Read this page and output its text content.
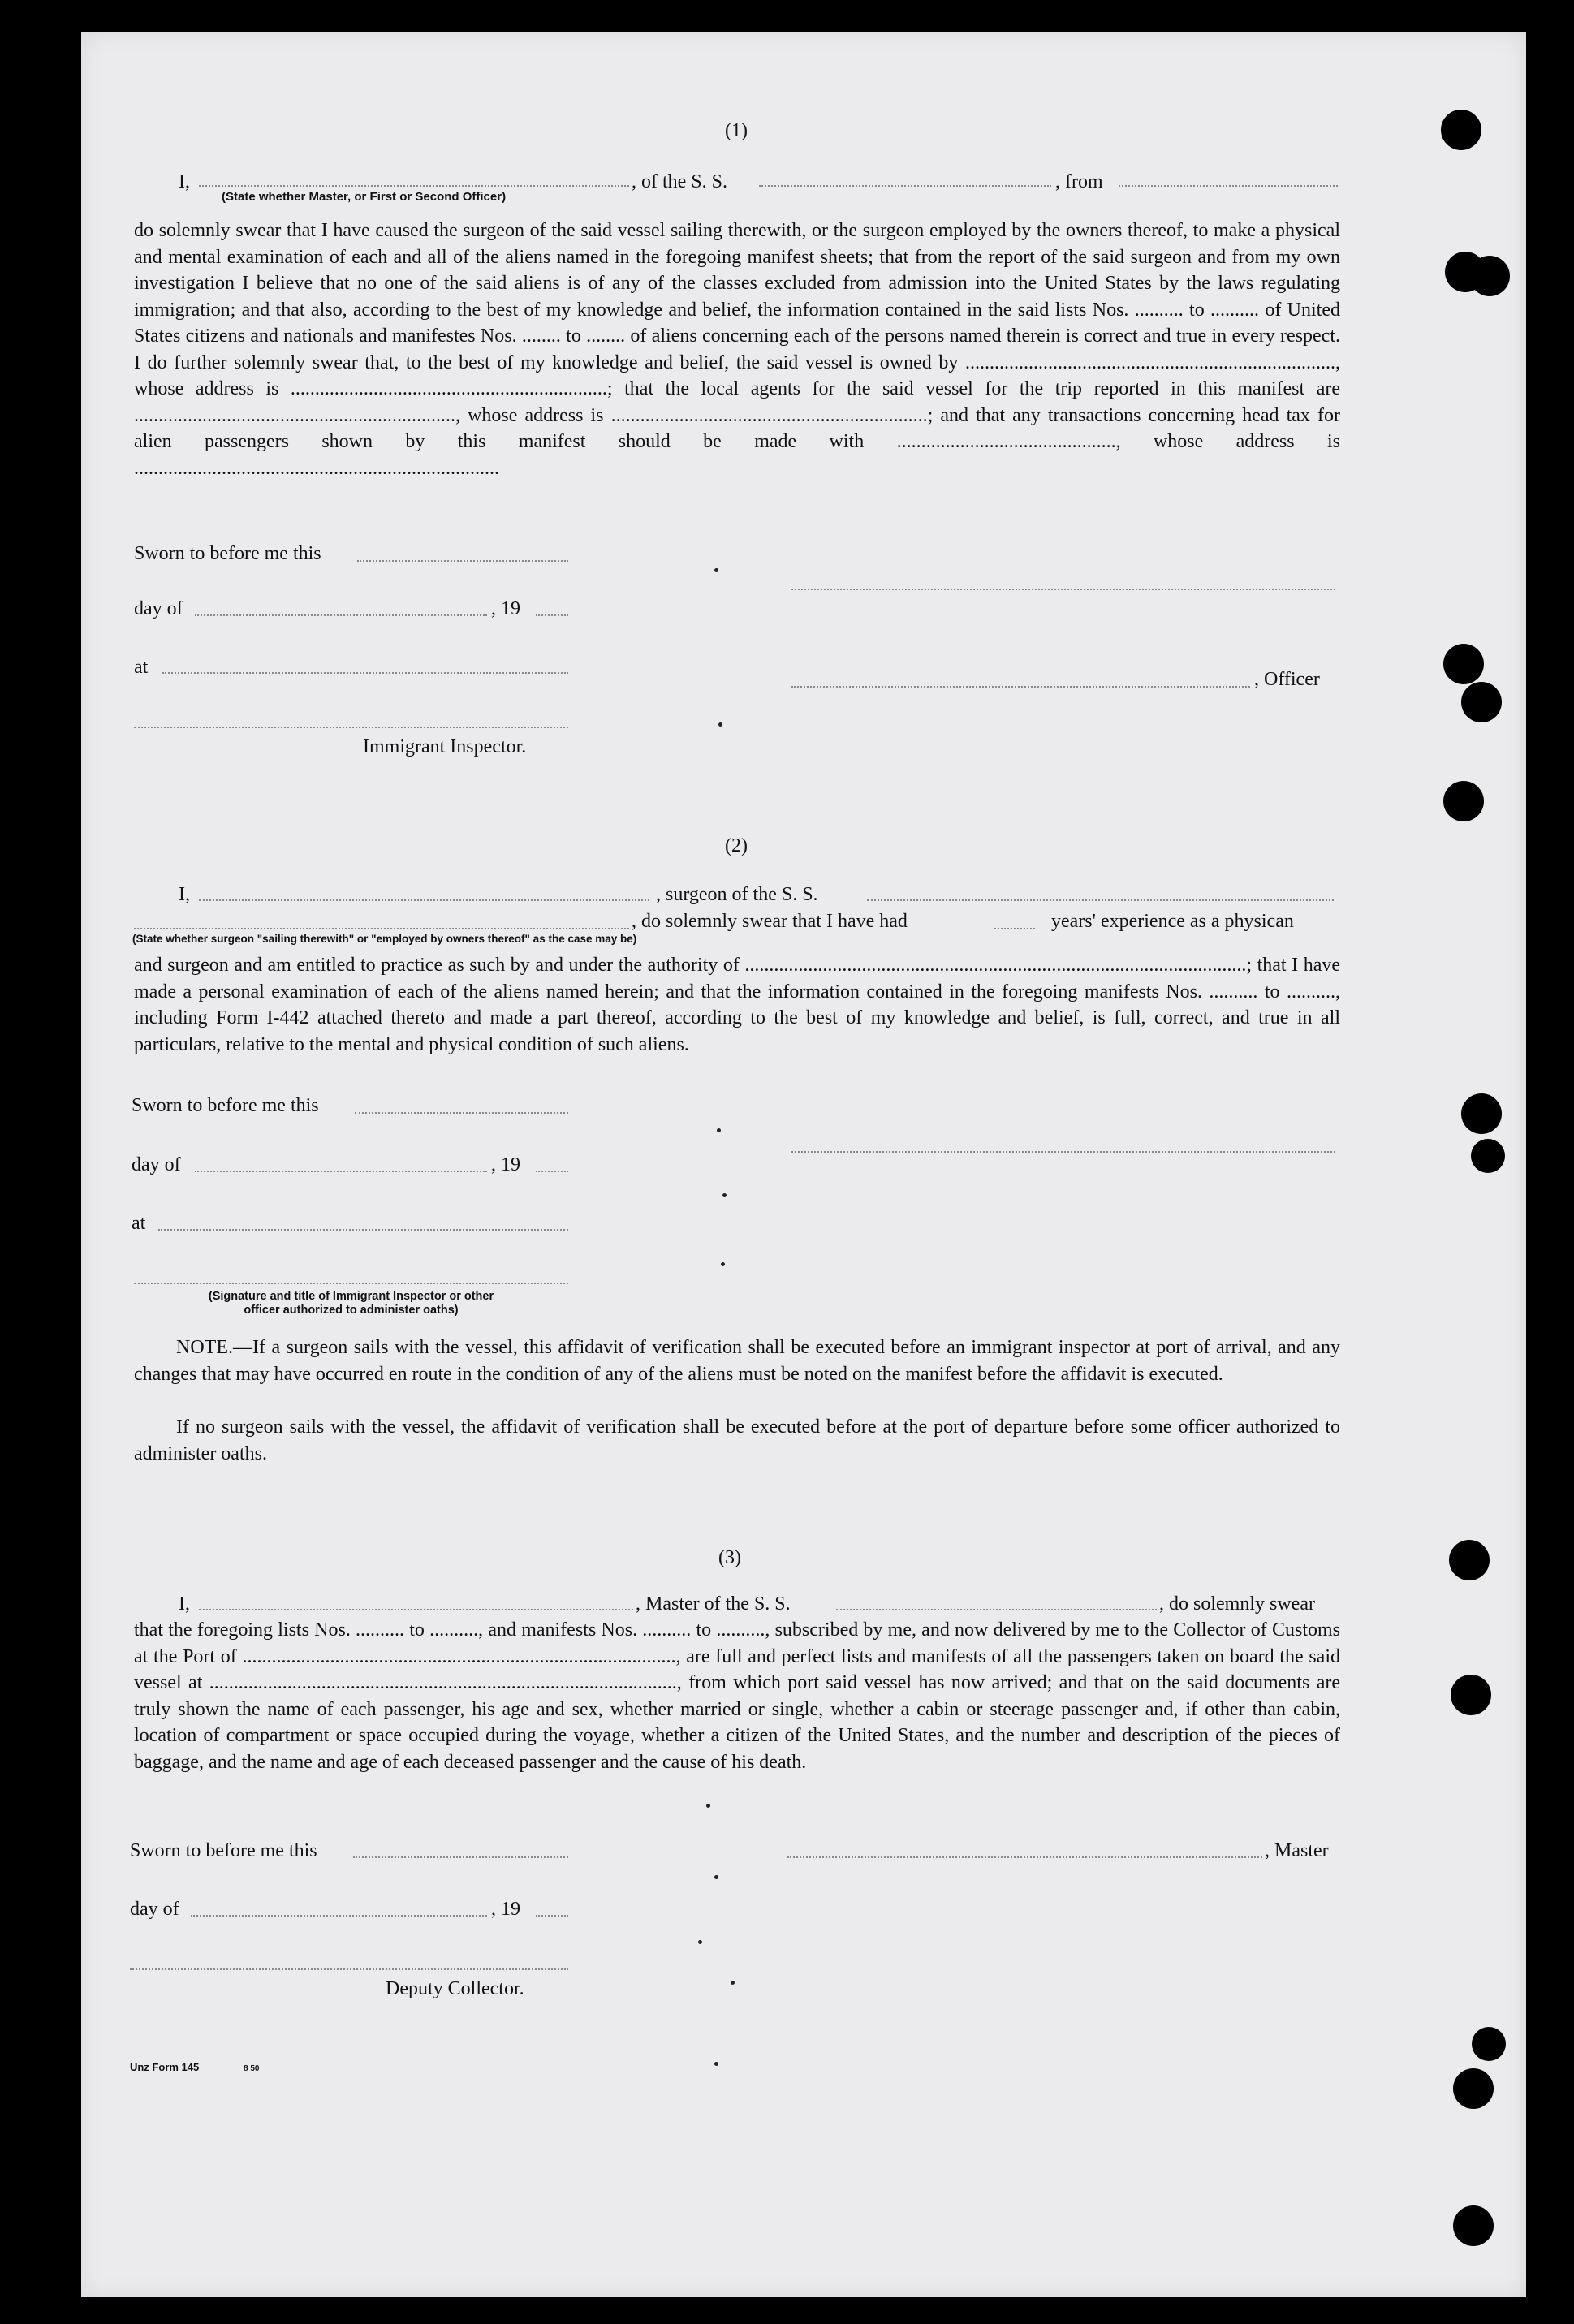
(1)
I,	, of the S. S.	, from
(State whether Master, or First or Second Officer)
do solemnly swear that I have caused the surgeon of the said vessel sailing therewith, or the surgeon employed by the owners thereof, to make a physical and mental examination of each and all of the aliens named in the foregoing manifest sheets; that from the report of the said surgeon and from my own investigation I believe that no one of the said aliens is of any of the classes excluded from admission into the United States by the laws regulating immigration; and that also, according to the best of my knowledge and belief, the information contained in the said lists Nos. .......... to .......... of United States citizens and nationals and manifestes Nos. ........ to ........ of aliens concerning each of the persons named therein is correct and true in every respect. I do further solemnly swear that, to the best of my knowledge and belief, the said vessel is owned by ............................................................................, whose address is .................................................................; that the local agents for the said vessel for the trip reported in this manifest are .................................................................., whose address is .................................................................; and that any transactions concerning head tax for alien passengers shown by this manifest should be made with ............................................., whose address is ...........................................................................
Sworn to before me this
day of	, 19
at
, Officer
Immigrant Inspector.
(2)
I,	, surgeon of the S. S.
, do solemnly swear that I have had	years' experience as a physican
(State whether surgeon "sailing therewith" or "employed by owners thereof" as the case may be)
and surgeon and am entitled to practice as such by and under the authority of .......................................................................................................; that I have made a personal examination of each of the aliens named herein; and that the information contained in the foregoing manifests Nos. .......... to .........., including Form I-442 attached thereto and made a part thereof, according to the best of my knowledge and belief, is full, correct, and true in all particulars, relative to the mental and physical condition of such aliens.
Sworn to before me this
day of	, 19
at
(Signature and title of Immigrant Inspector or other
officer authorized to administer oaths)
NOTE.—If a surgeon sails with the vessel, this affidavit of verification shall be executed before an immigrant inspector at port of arrival, and any changes that may have occurred en route in the condition of any of the aliens must be noted on the manifest before the affidavit is executed.
If no surgeon sails with the vessel, the affidavit of verification shall be executed before at the port of departure before some officer authorized to administer oaths.
(3)
I,	, Master of the S. S.	, do solemnly swear
that the foregoing lists Nos. .......... to .........., and manifests Nos. .......... to .........., subscribed by me, and now delivered by me to the Collector of Customs at the Port of ........................................................................................., are full and perfect lists and manifests of all the passengers taken on board the said vessel at ................................................................................................, from which port said vessel has now arrived; and that on the said documents are truly shown the name of each passenger, his age and sex, whether married or single, whether a cabin or steerage passenger and, if other than cabin, location of compartment or space occupied during the voyage, whether a citizen of the United States, and the number and description of the pieces of baggage, and the name and age of each deceased passenger and the cause of his death.
Sworn to before me this	, Master
day of	, 19
Deputy Collector.
Unz Form 145	8 50
